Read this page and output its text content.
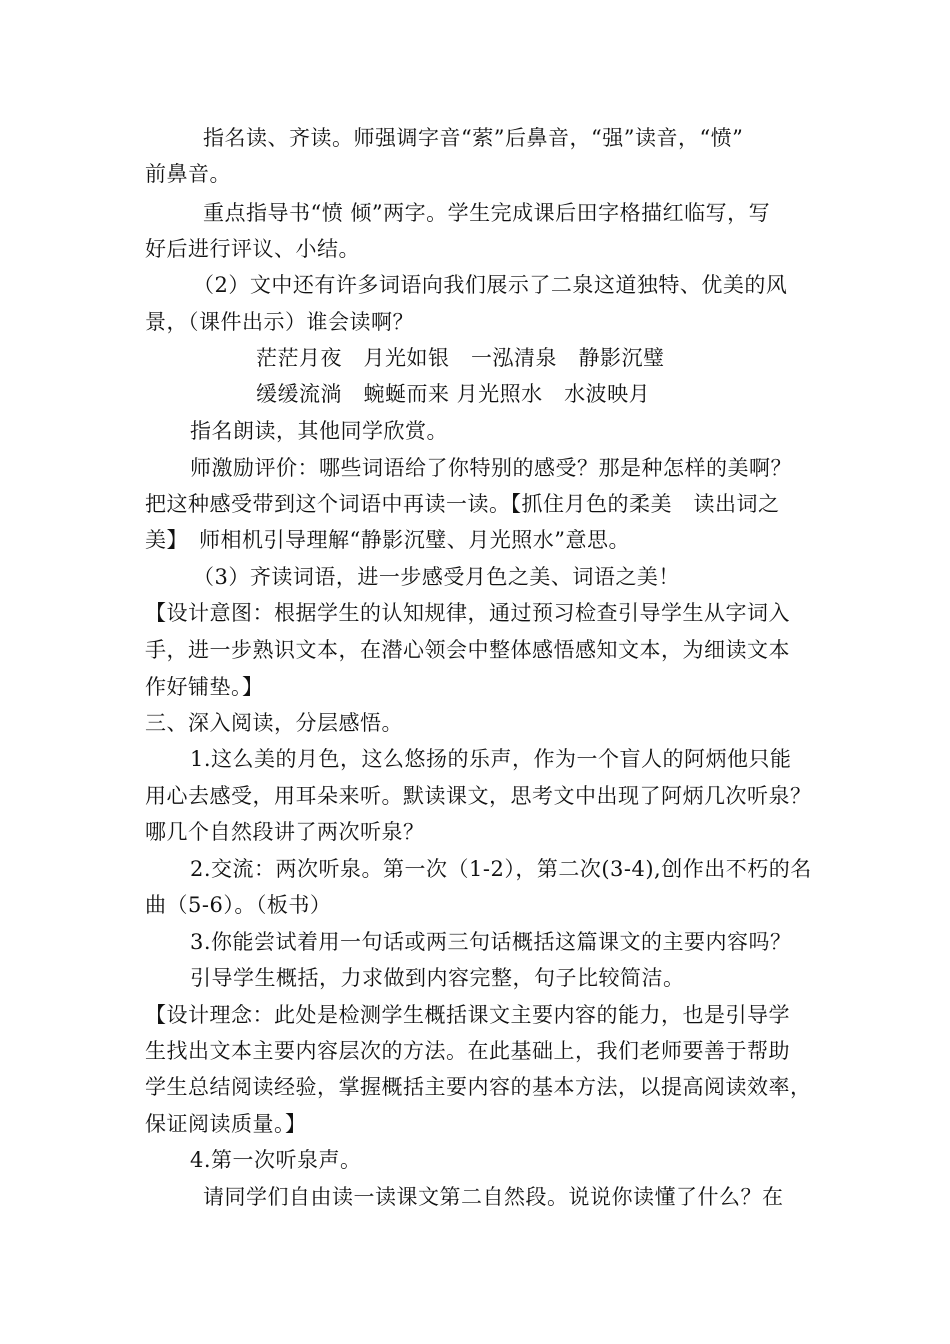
指名读、齐读。师强调字音“萦”后鼻音，“强”读音，“愤”
前鼻音。
重点指导书“愤 倾”两字。学生完成课后田字格描红临写，写
好后进行评议、小结。
（2）文中还有许多词语向我们展示了二泉这道独特、优美的风
景，（课件出示）谁会读啊？
茫茫月夜　月光如银　一泓清泉　静影沉璧
缓缓流淌　蜿蜒而来 月光照水　水波映月
指名朗读，其他同学欣赏。
师激励评价：哪些词语给了你特别的感受？那是种怎样的美啊？
把这种感受带到这个词语中再读一读。【抓住月色的柔美　读出词之
美】　师相机引导理解“静影沉璧、月光照水”意思。
（3）齐读词语，进一步感受月色之美、词语之美！
【设计意图：根据学生的认知规律，通过预习检查引导学生从字词入
手，进一步熟识文本，在潜心领会中整体感悟感知文本，为细读文本
作好铺垫。】
三、深入阅读，分层感悟。
1.这么美的月色，这么悠扬的乐声，作为一个盲人的阿炳他只能
用心去感受，用耳朵来听。默读课文，思考文中出现了阿炳几次听泉？
哪几个自然段讲了两次听泉？
2.交流：两次听泉。第一次（1-2），第二次(3-4),创作出不朽的名
曲（5-6）。（板书）
3.你能尝试着用一句话或两三句话概括这篇课文的主要内容吗？
引导学生概括，力求做到内容完整，句子比较简洁。
【设计理念：此处是检测学生概括课文主要内容的能力，也是引导学
生找出文本主要内容层次的方法。在此基础上，我们老师要善于帮助
学生总结阅读经验，掌握概括主要内容的基本方法，以提高阅读效率，
保证阅读质量。】
4.第一次听泉声。
请同学们自由读一读课文第二自然段。说说你读懂了什么？在
